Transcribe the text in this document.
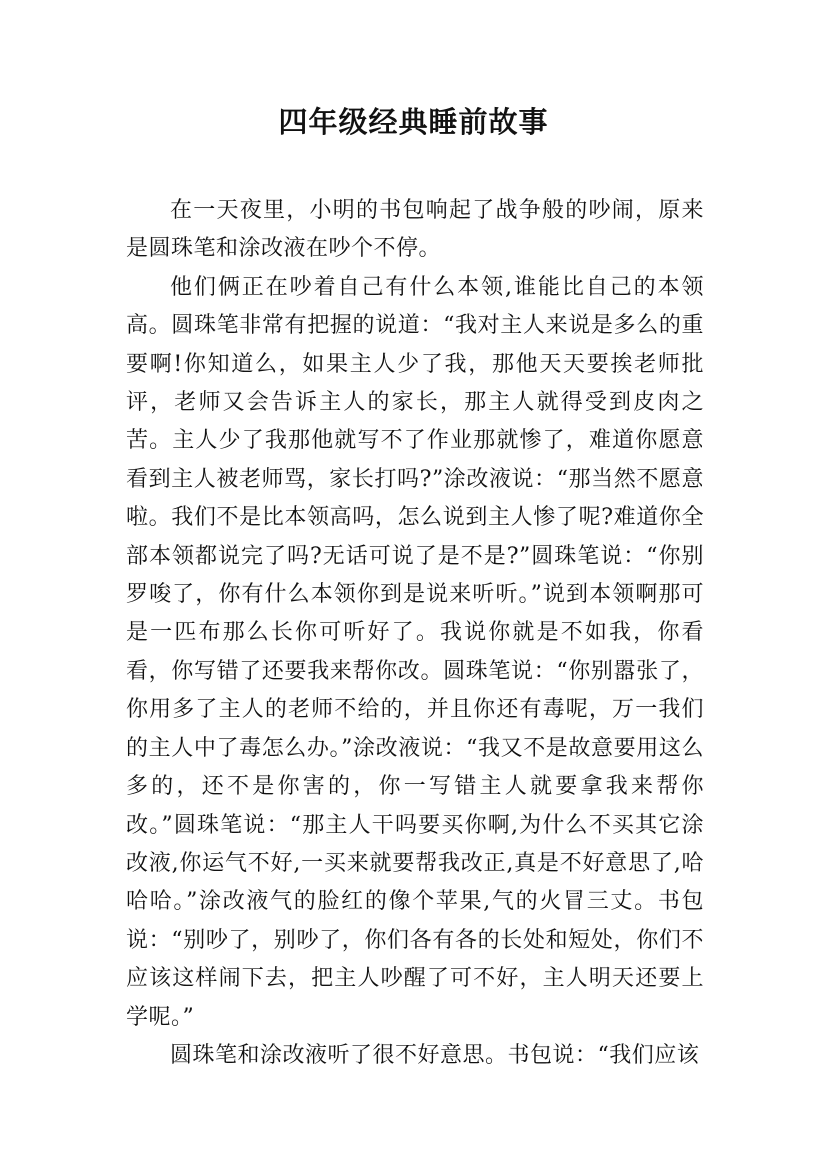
四年级经典睡前故事

在一天夜里，小明的书包响起了战争般的吵闹，原来是圆珠笔和涂改液在吵个不停。

他们俩正在吵着自己有什么本领,谁能比自己的本领高。圆珠笔非常有把握的说道：“我对主人来说是多么的重要啊!你知道么，如果主人少了我，那他天天要挨老师批评，老师又会告诉主人的家长，那主人就得受到皮肉之苦。主人少了我那他就写不了作业那就惨了，难道你愿意看到主人被老师骂，家长打吗?”涂改液说：“那当然不愿意啦。我们不是比本领高吗，怎么说到主人惨了呢?难道你全部本领都说完了吗?无话可说了是不是?”圆珠笔说：“你别罗唆了，你有什么本领你到是说来听听。”说到本领啊那可是一匹布那么长你可听好了。我说你就是不如我，你看看，你写错了还要我来帮你改。圆珠笔说：“你别嚣张了，你用多了主人的老师不给的，并且你还有毒呢，万一我们的主人中了毒怎么办。”涂改液说：“我又不是故意要用这么多的，还不是你害的，你一写错主人就要拿我来帮你改。”圆珠笔说：“那主人干吗要买你啊,为什么不买其它涂改液,你运气不好,一买来就要帮我改正,真是不好意思了,哈哈哈。”涂改液气的脸红的像个苹果,气的火冒三丈。书包说：“别吵了，别吵了，你们各有各的长处和短处，你们不应该这样闹下去，把主人吵醒了可不好，主人明天还要上学呢。”

圆珠笔和涂改液听了很不好意思。书包说：“我们应该
